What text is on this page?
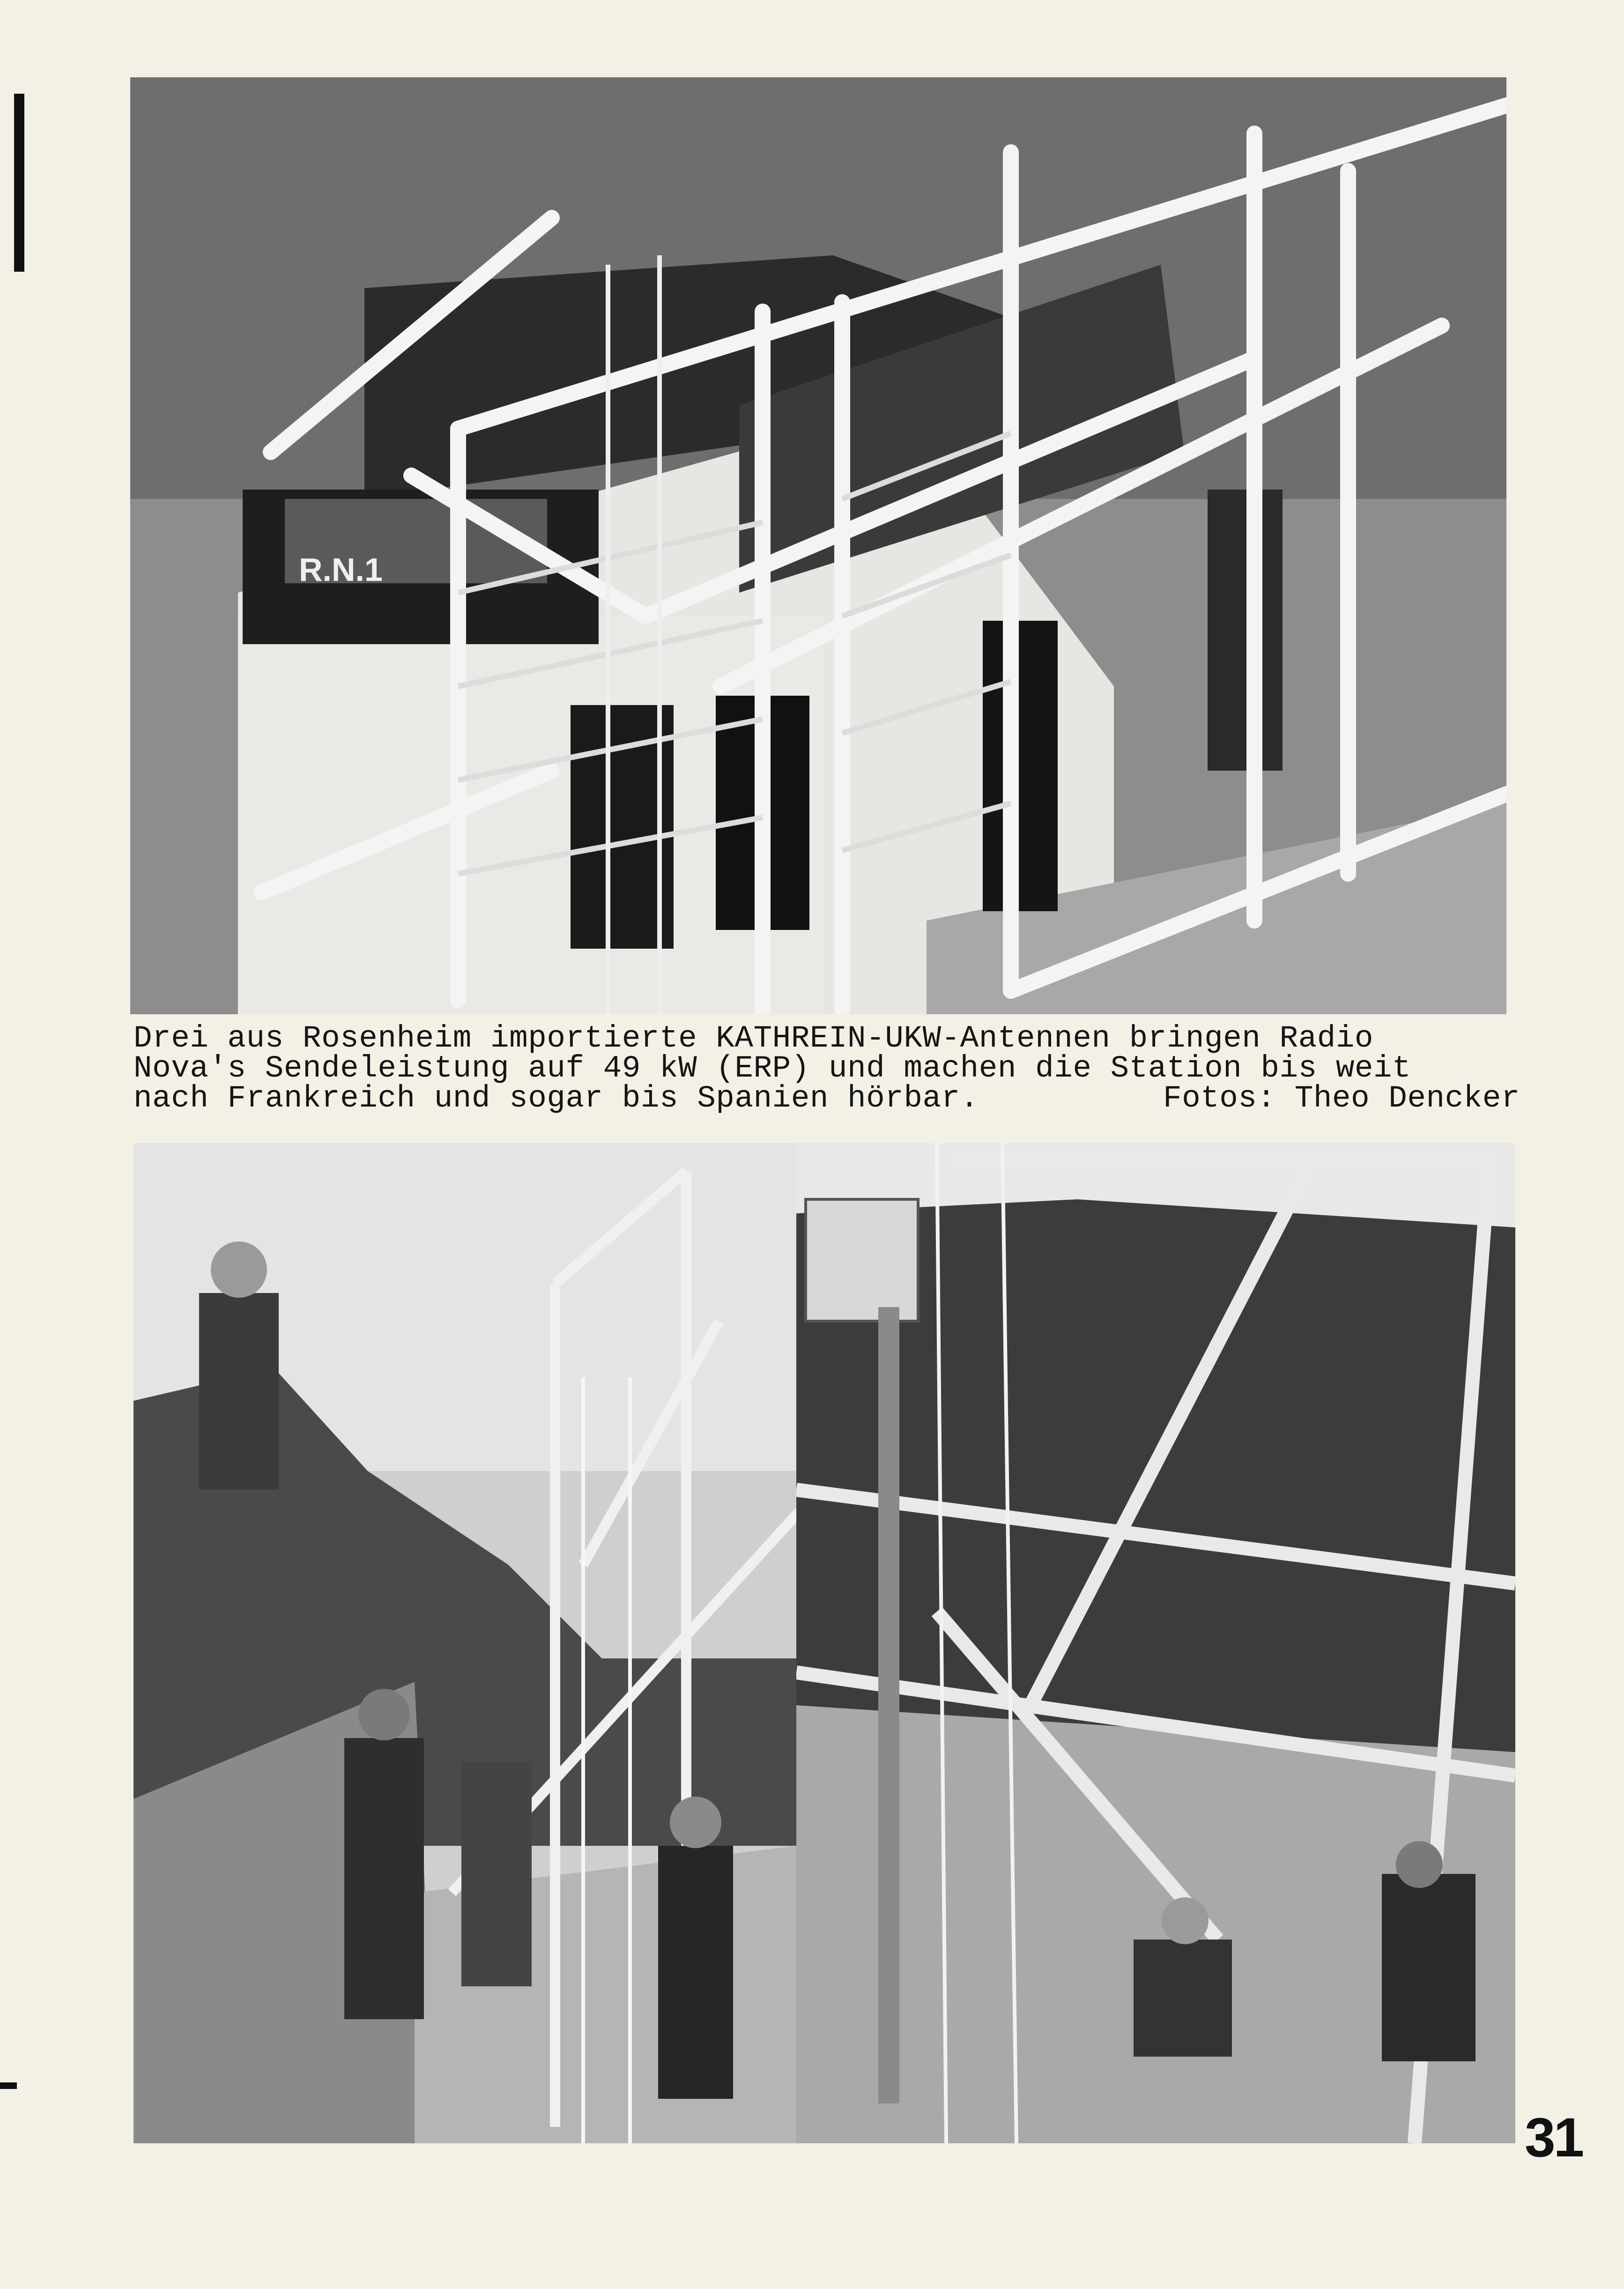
R.N.1
Drei aus Rosenheim importierte KATHREIN-UKW-Antennen bringen Radio
Nova's Sendeleistung auf 49 kW (ERP) und machen die Station bis weit
nach Frankreich und sogar bis Spanien hörbar.	Fotos: Theo Dencker
31
